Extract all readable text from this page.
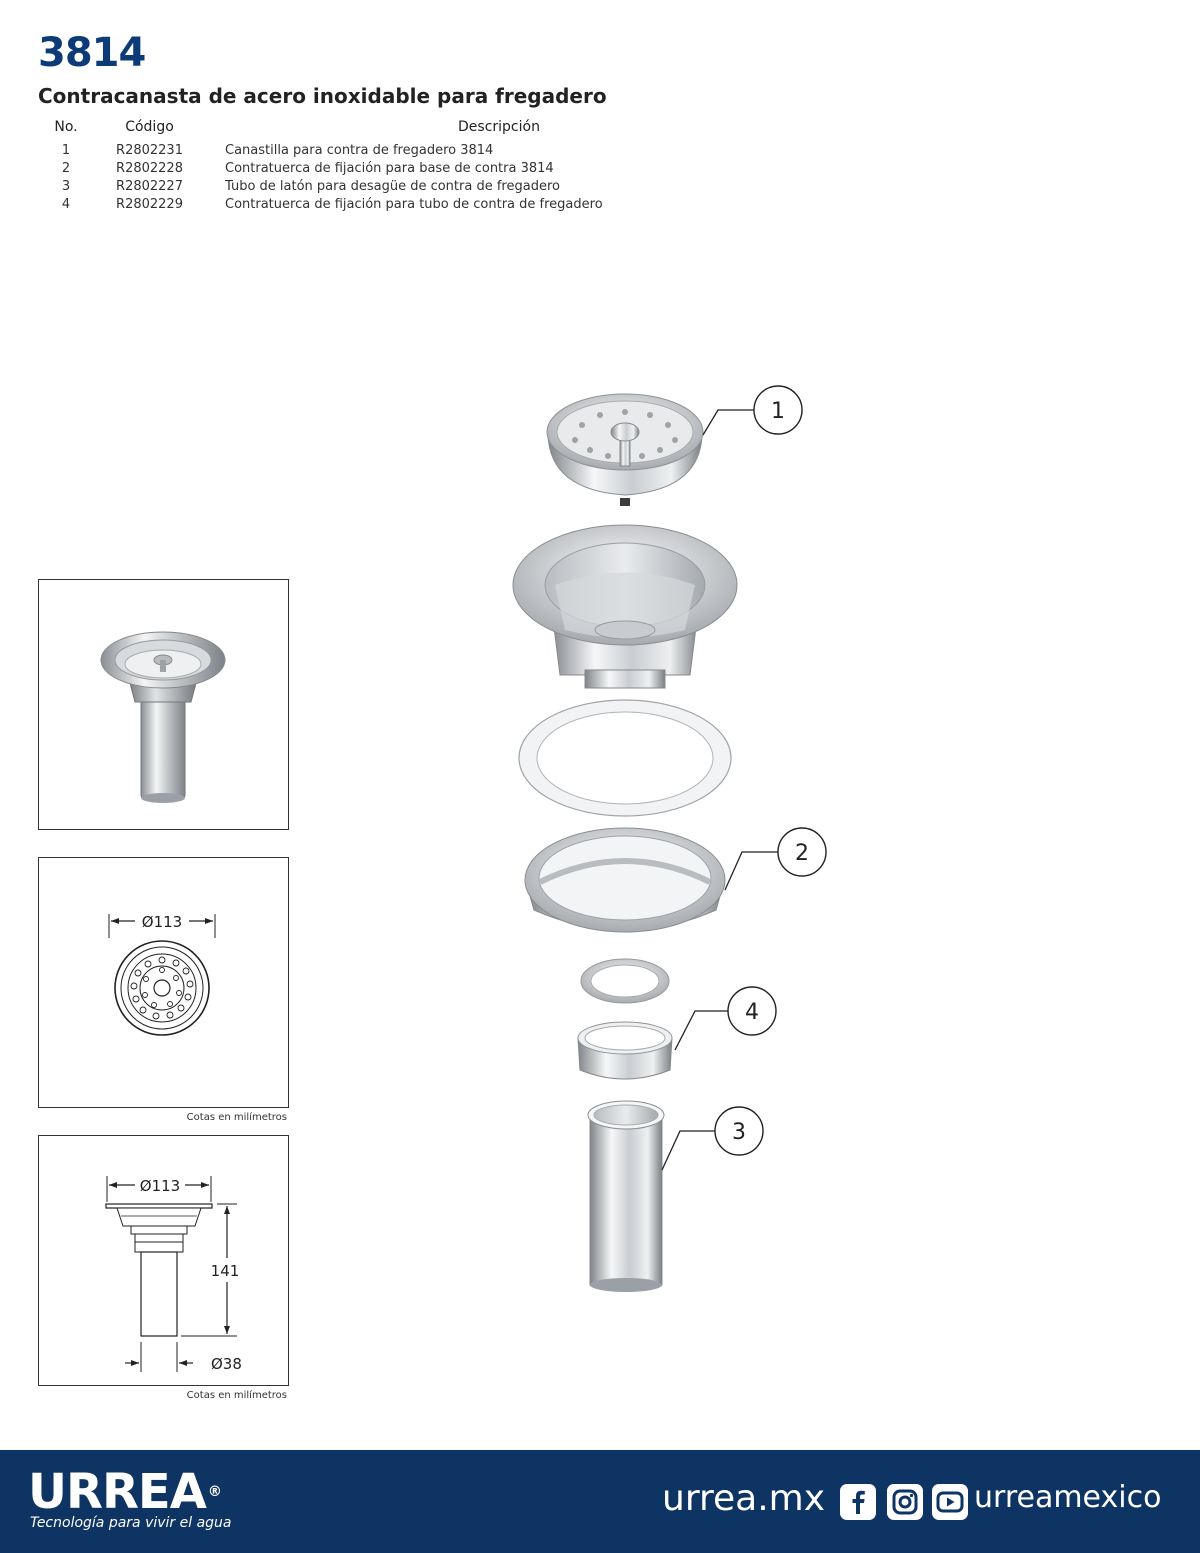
3814
Contracanasta de acero inoxidable para fregadero
No.	Código	Descripción
1	R2802231	Canastilla para contra de fregadero 3814
2	R2802228	Contratuerca de fijación para base de contra 3814
3	R2802227	Tubo de latón para desagüe de contra de fregadero
4	R2802229	Contratuerca de fijación para tubo de contra de fregadero
Ø113
Cotas en milímetros
Ø113
141
Ø38
Cotas en milímetros
1
2
4
3
URREA ®
Tecnología para vivir el agua
urrea.mx	urreamexico
